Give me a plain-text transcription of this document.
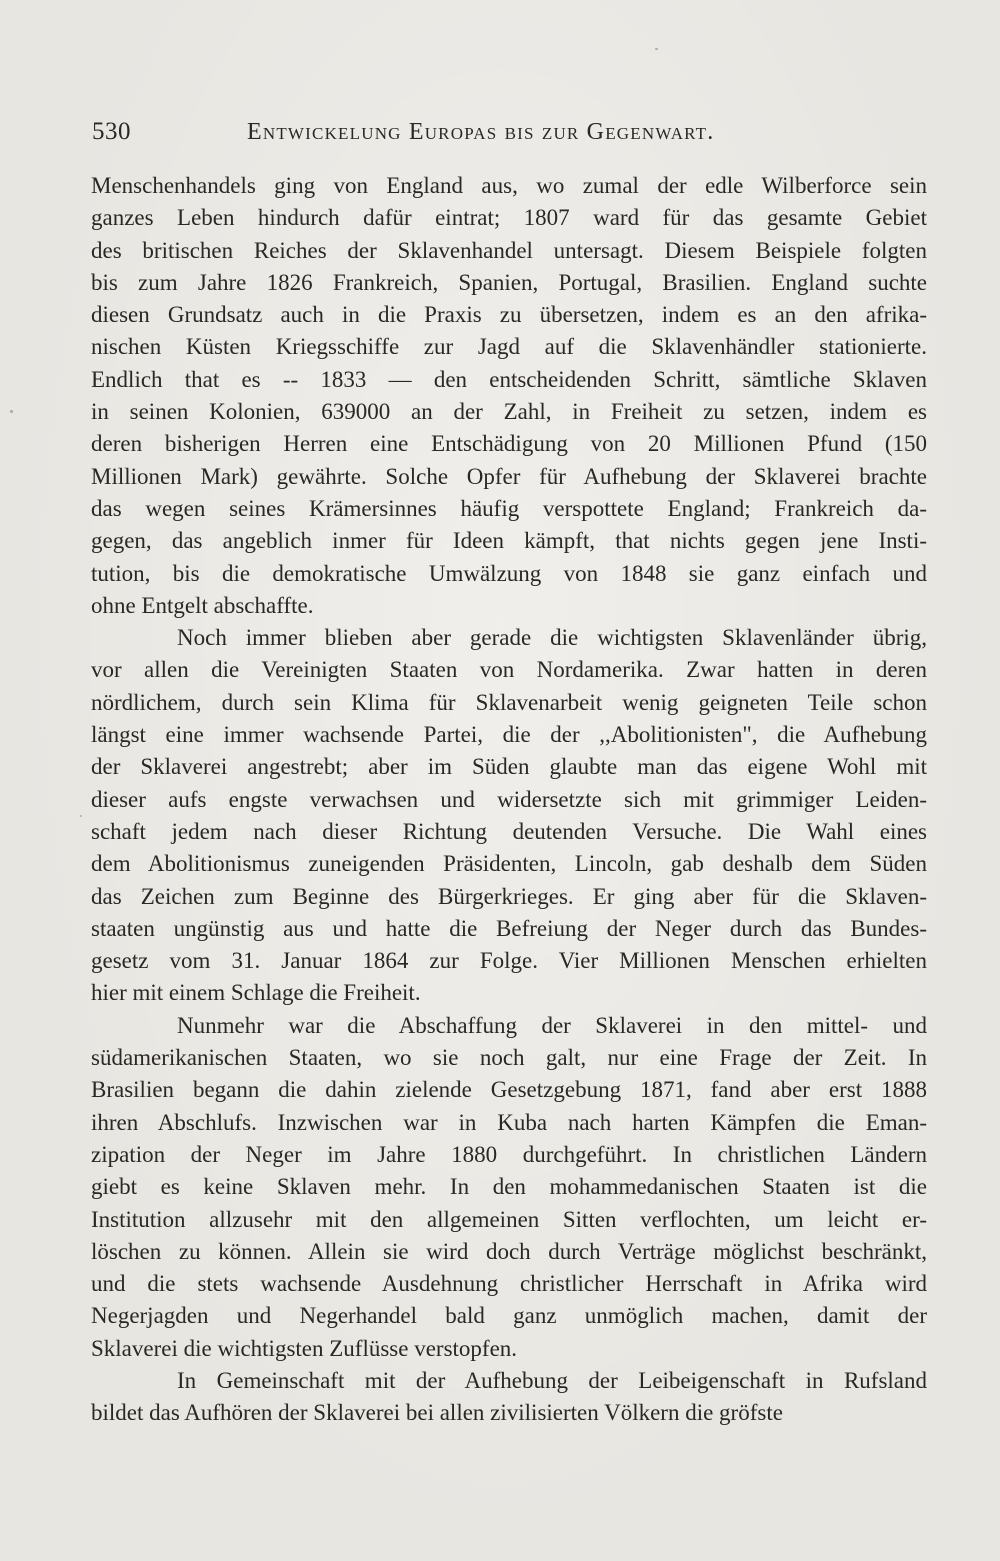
530	Entwickelung Europas bis zur Gegenwart.
Menschenhandels ging von England aus, wo zumal der edle Wilberforce sein
ganzes Leben hindurch dafür eintrat; 1807 ward für das gesamte Gebiet
des britischen Reiches der Sklavenhandel untersagt. Diesem Beispiele folgten
bis zum Jahre 1826 Frankreich, Spanien, Portugal, Brasilien. England suchte
diesen Grundsatz auch in die Praxis zu übersetzen, indem es an den afrika-
nischen Küsten Kriegsschiffe zur Jagd auf die Sklavenhändler stationierte.
Endlich that es -- 1833 — den entscheidenden Schritt, sämtliche Sklaven
in seinen Kolonien, 639000 an der Zahl, in Freiheit zu setzen, indem es
deren bisherigen Herren eine Entschädigung von 20 Millionen Pfund (150
Millionen Mark) gewährte. Solche Opfer für Aufhebung der Sklaverei brachte
das wegen seines Krämersinnes häufig verspottete England; Frankreich da-
gegen, das angeblich inmer für Ideen kämpft, that nichts gegen jene Insti-
tution, bis die demokratische Umwälzung von 1848 sie ganz einfach und
ohne Entgelt abschaffte.
Noch immer blieben aber gerade die wichtigsten Sklavenländer übrig,
vor allen die Vereinigten Staaten von Nordamerika. Zwar hatten in deren
nördlichem, durch sein Klima für Sklavenarbeit wenig geigneten Teile schon
längst eine immer wachsende Partei, die der ,,Abolitionisten", die Aufhebung
der Sklaverei angestrebt; aber im Süden glaubte man das eigene Wohl mit
dieser aufs engste verwachsen und widersetzte sich mit grimmiger Leiden-
schaft jedem nach dieser Richtung deutenden Versuche. Die Wahl eines
dem Abolitionismus zuneigenden Präsidenten, Lincoln, gab deshalb dem Süden
das Zeichen zum Beginne des Bürgerkrieges. Er ging aber für die Sklaven-
staaten ungünstig aus und hatte die Befreiung der Neger durch das Bundes-
gesetz vom 31. Januar 1864 zur Folge. Vier Millionen Menschen erhielten
hier mit einem Schlage die Freiheit.
Nunmehr war die Abschaffung der Sklaverei in den mittel- und
südamerikanischen Staaten, wo sie noch galt, nur eine Frage der Zeit. In
Brasilien begann die dahin zielende Gesetzgebung 1871, fand aber erst 1888
ihren Abschlufs. Inzwischen war in Kuba nach harten Kämpfen die Eman-
zipation der Neger im Jahre 1880 durchgeführt. In christlichen Ländern
giebt es keine Sklaven mehr. In den mohammedanischen Staaten ist die
Institution allzusehr mit den allgemeinen Sitten verflochten, um leicht er-
löschen zu können. Allein sie wird doch durch Verträge möglichst beschränkt,
und die stets wachsende Ausdehnung christlicher Herrschaft in Afrika wird
Negerjagden und Negerhandel bald ganz unmöglich machen, damit der
Sklaverei die wichtigsten Zuflüsse verstopfen.
In Gemeinschaft mit der Aufhebung der Leibeigenschaft in Rufsland
bildet das Aufhören der Sklaverei bei allen zivilisierten Völkern die gröfste
